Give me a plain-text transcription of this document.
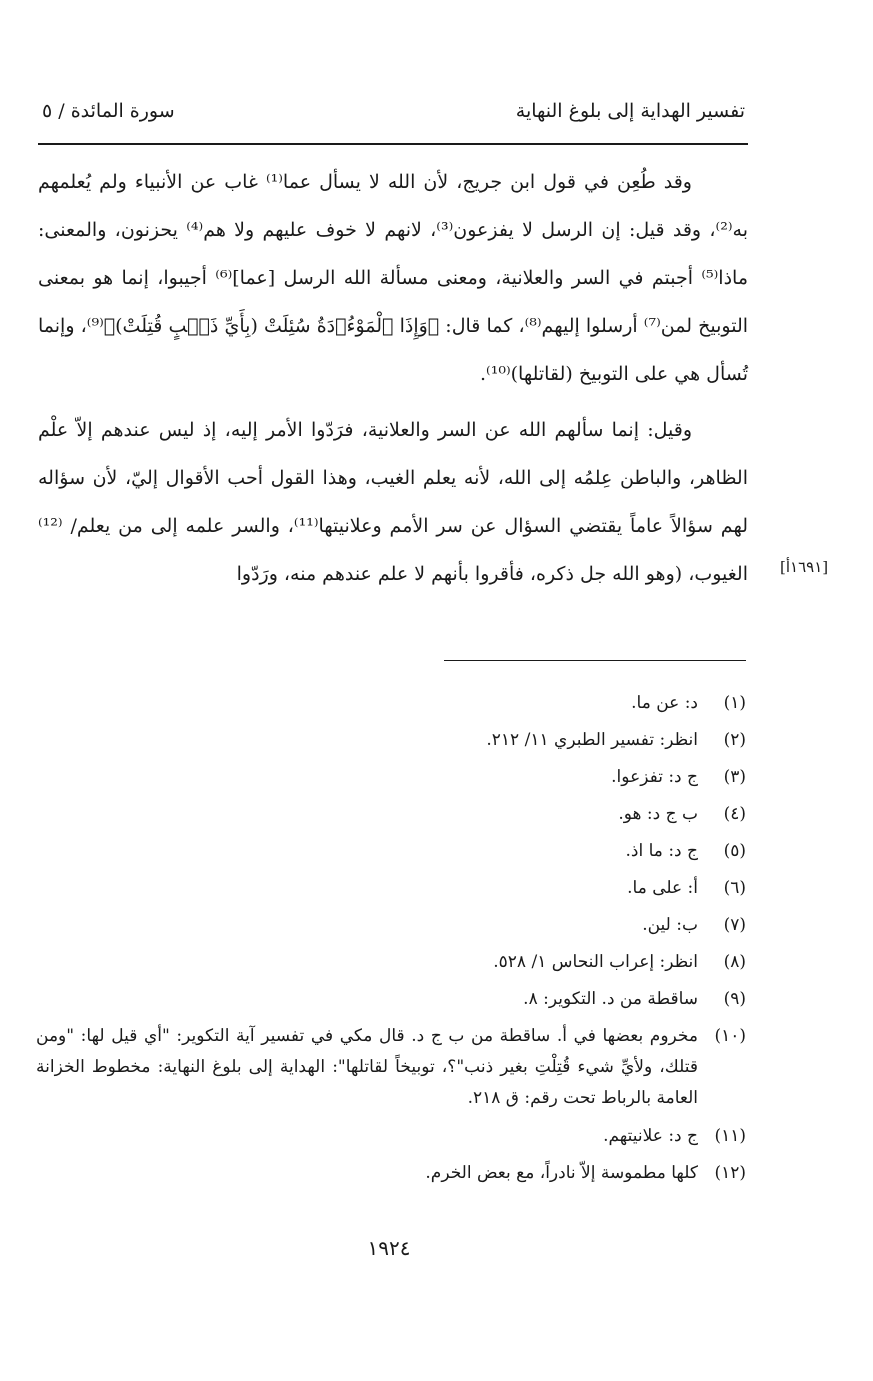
تفسير الهداية إلى بلوغ النهاية
سورة المائدة / ٥

وقد طُعِن في قول ابن جريج، لأن الله لا يسأل عما⁽¹⁾ غاب عن الأنبياء ولم يُعلمهم به⁽²⁾، وقد قيل: إن الرسل لا يفزعون⁽³⁾، لانهم لا خوف عليهم ولا هم⁽⁴⁾ يحزنون، والمعنى: ماذا⁽⁵⁾ أجبتم في السر والعلانية، ومعنى مسألة الله الرسل [عما]⁽⁶⁾ أجيبوا، إنما هو بمعنى التوبيخ لمن⁽⁷⁾ أرسلوا إليهم⁽⁸⁾، كما قال: ﴿وَإِذَا ٱلْمَوْءُۥدَةُ سُئِلَتْ (بِأَيِّ ذَنۢبٍ قُتِلَتْ)﴾⁽⁹⁾، وإنما تُسأل هي على التوبيخ (لقاتلها)⁽¹⁰⁾.

وقيل: إنما سألهم الله عن السر والعلانية، فرَدّوا الأمر إليه، إذ ليس عندهم إلاّ علْم الظاهر، والباطن عِلمُه إلى الله، لأنه يعلم الغيب، وهذا القول أحب الأقوال إليّ، لأن سؤاله لهم سؤالاً عاماً يقتضي السؤال عن سر الأمم وعلانيتها⁽¹¹⁾، والسر علمه إلى من يعلم/ ⁽¹²⁾ الغيوب، (وهو الله جل ذكره، فأقروا بأنهم لا علم عندهم منه، ورَدّوا [١٦٩١أ]
(١)
د: عن ما.
(٢)
انظر: تفسير الطبري ١١/ ٢١٢.
(٣)
ج د: تفزعوا.
(٤)
ب ج د: هو.
(٥)
ج د: ما اذ.
(٦)
أ: على ما.
(٧)
ب: لين.
(٨)
انظر: إعراب النحاس ١/ ٥٢٨.
(٩)
ساقطة من د. التكوير: ٨.
(١٠)
مخروم بعضها في أ. ساقطة من ب ج د. قال مكي في تفسير آية التكوير: "أي قيل لها: "ومن قتلك، ولأيِّ شيء قُتِلْتِ بغير ذنب"؟، توبيخاً لقاتلها": الهداية إلى بلوغ النهاية: مخطوط الخزانة العامة بالرباط تحت رقم: ق ٢١٨.
(١١)
ج د: علانيتهم.
(١٢)
كلها مطموسة إلاّ نادراً، مع بعض الخرم.
١٩٢٤
